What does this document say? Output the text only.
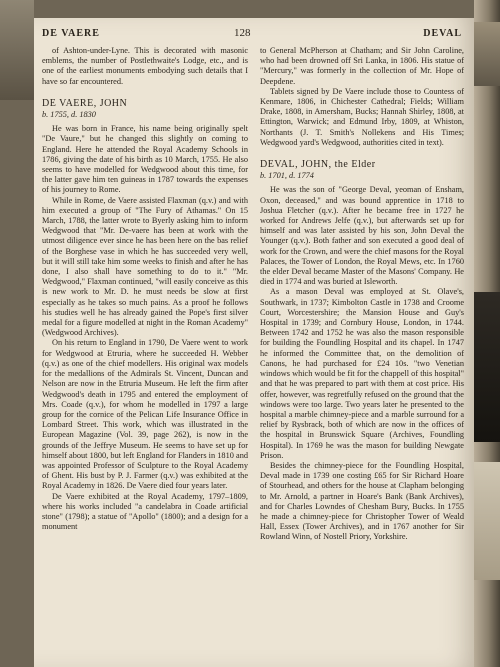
DE VAERE	128	DEVAL

of Ashton-under-Lyne. This is decorated with masonic emblems, the number of Postlethwaite's Lodge, etc., and is one of the earliest monuments embodying such details that I have so far encountered.

DE VAERE, JOHN
b. 1755, d. 1830

He was born in France, his name being originally spelt "De Vaure," but he changed this slightly on coming to England. Here he attended the Royal Academy Schools in 1786, giving the date of his birth as 10 March, 1755. He also seems to have modelled for Wedgwood about this time, for the latter gave him ten guineas in 1787 towards the expenses of his journey to Rome.

While in Rome, de Vaere assisted Flaxman (q.v.) and with him executed a group of "The Fury of Athamas." On 15 March, 1788, the latter wrote to Byerly asking him to inform Wedgwood that "Mr. De-vaere has been at work with the utmost diligence ever since he has been here on the bas relief of the Borghese vase in which he has succeeded very well, but it will still take him some weeks to finish and after he has done, I also shall have something to do to it." "Mr. Wedgwood," Flaxman continued, "will easily conceive as this is new work to Mr. D. he must needs be slow at first especially as he takes so much pains. As a proof he follows his studies well he has already gained the Pope's first silver medal for a figure modelled at night in the Roman Academy" (Wedgwood Archives).

On his return to England in 1790, De Vaere went to work for Wedgwood at Etruria, where he succeeded H. Webber (q.v.) as one of the chief modellers. His original wax models for the medallions of the Admirals St. Vincent, Duncan and Nelson are now in the Etruria Museum. He left the firm after Wedgwood's death in 1795 and entered the employment of Mrs. Coade (q.v.), for whom he modelled in 1797 a large group for the cornice of the Pelican Life Insurance Office in Lombard Street. This work, which was illustrated in the European Magazine (Vol. 39, page 262), is now in the grounds of the Jeffrye Museum. He seems to have set up for himself about 1800, but left England for Flanders in 1810 and was appointed Professor of Sculpture to the Royal Academy of Ghent. His bust by P. J. Farmer (q.v.) was exhibited at the Royal Academy in 1826. De Vaere died four years later.

De Vaere exhibited at the Royal Academy, 1797–1809, where his works included "a candelabra in Coade artificial stone" (1798); a statue of "Apollo" (1800); and a design for a monument

to General McPherson at Chatham; and Sir John Caroline, who had been drowned off Sri Lanka, in 1806. His statue of "Mercury," was formerly in the collection of Mr. Hope of Deepdene.

Tablets signed by De Vaere include those to Countess of Kenmare, 1806, in Chichester Cathedral; Fields; William Drake, 1808, in Amersham, Bucks; Hannah Shirley, 1808, at Ettington, Warwick; and Edmund Irby, 1809, at Whiston, Northants (J. T. Smith's Nollekens and His Times; Wedgwood yard's Wedgwood, authorities cited in text).

DEVAL, JOHN, the Elder
b. 1701, d. 1774

He was the son of "George Deval, yeoman of Ensham, Oxon, deceased," and was bound apprentice in 1718 to Joshua Fletcher (q.v.). After he became free in 1727 he worked for Andrews Jelfe (q.v.), but afterwards set up for himself and was later assisted by his son, John Deval the Younger (q.v.). Both father and son executed a good deal of work for the Crown, and were the chief masons for the Royal Palaces, the Tower of London, the Royal Mews, etc. In 1760 the elder Deval became Master of the Masons' Company. He died in 1774 and was buried at Isleworth.

As a mason Deval was employed at St. Olave's, Southwark, in 1737; Kimbolton Castle in 1738 and Croome Court, Worcestershire; the Mansion House and Guy's Hospital in 1739; and Cornbury House, London, in 1744. Between 1742 and 1752 he was also the mason responsible for building the Foundling Hospital and its chapel. In 1747 he informed the Committee that, on the demolition of Canons, he had purchased for £24 10s. "two Venetian windows which would be fit for the chappell of this hospital" and that he was prepared to part with them at cost price. His offer, however, was regretfully refused on the ground that the windows were too large. Two years later he presented to the hospital a marble chimney-piece and a marble surround for a relief by Rysbrack, both of which are now in the offices of the hospital in Brunswick Square (Archives, Foundling Hospital). In 1769 he was the mason for building Newgate Prison.

Besides the chimney-piece for the Foundling Hospital, Deval made in 1739 one costing £65 for Sir Richard Hoare of Stourhead, and others for the house at Clapham belonging to Mr. Arnold, a partner in Hoare's Bank (Bank Archives), and for Charles Lowndes of Chesham Bury, Bucks. In 1755 he made a chimney-piece for Christopher Tower of Weald Hall, Essex (Tower Archives), and in 1767 another for Sir Rowland Winn, of Nostell Priory, Yorkshire.
